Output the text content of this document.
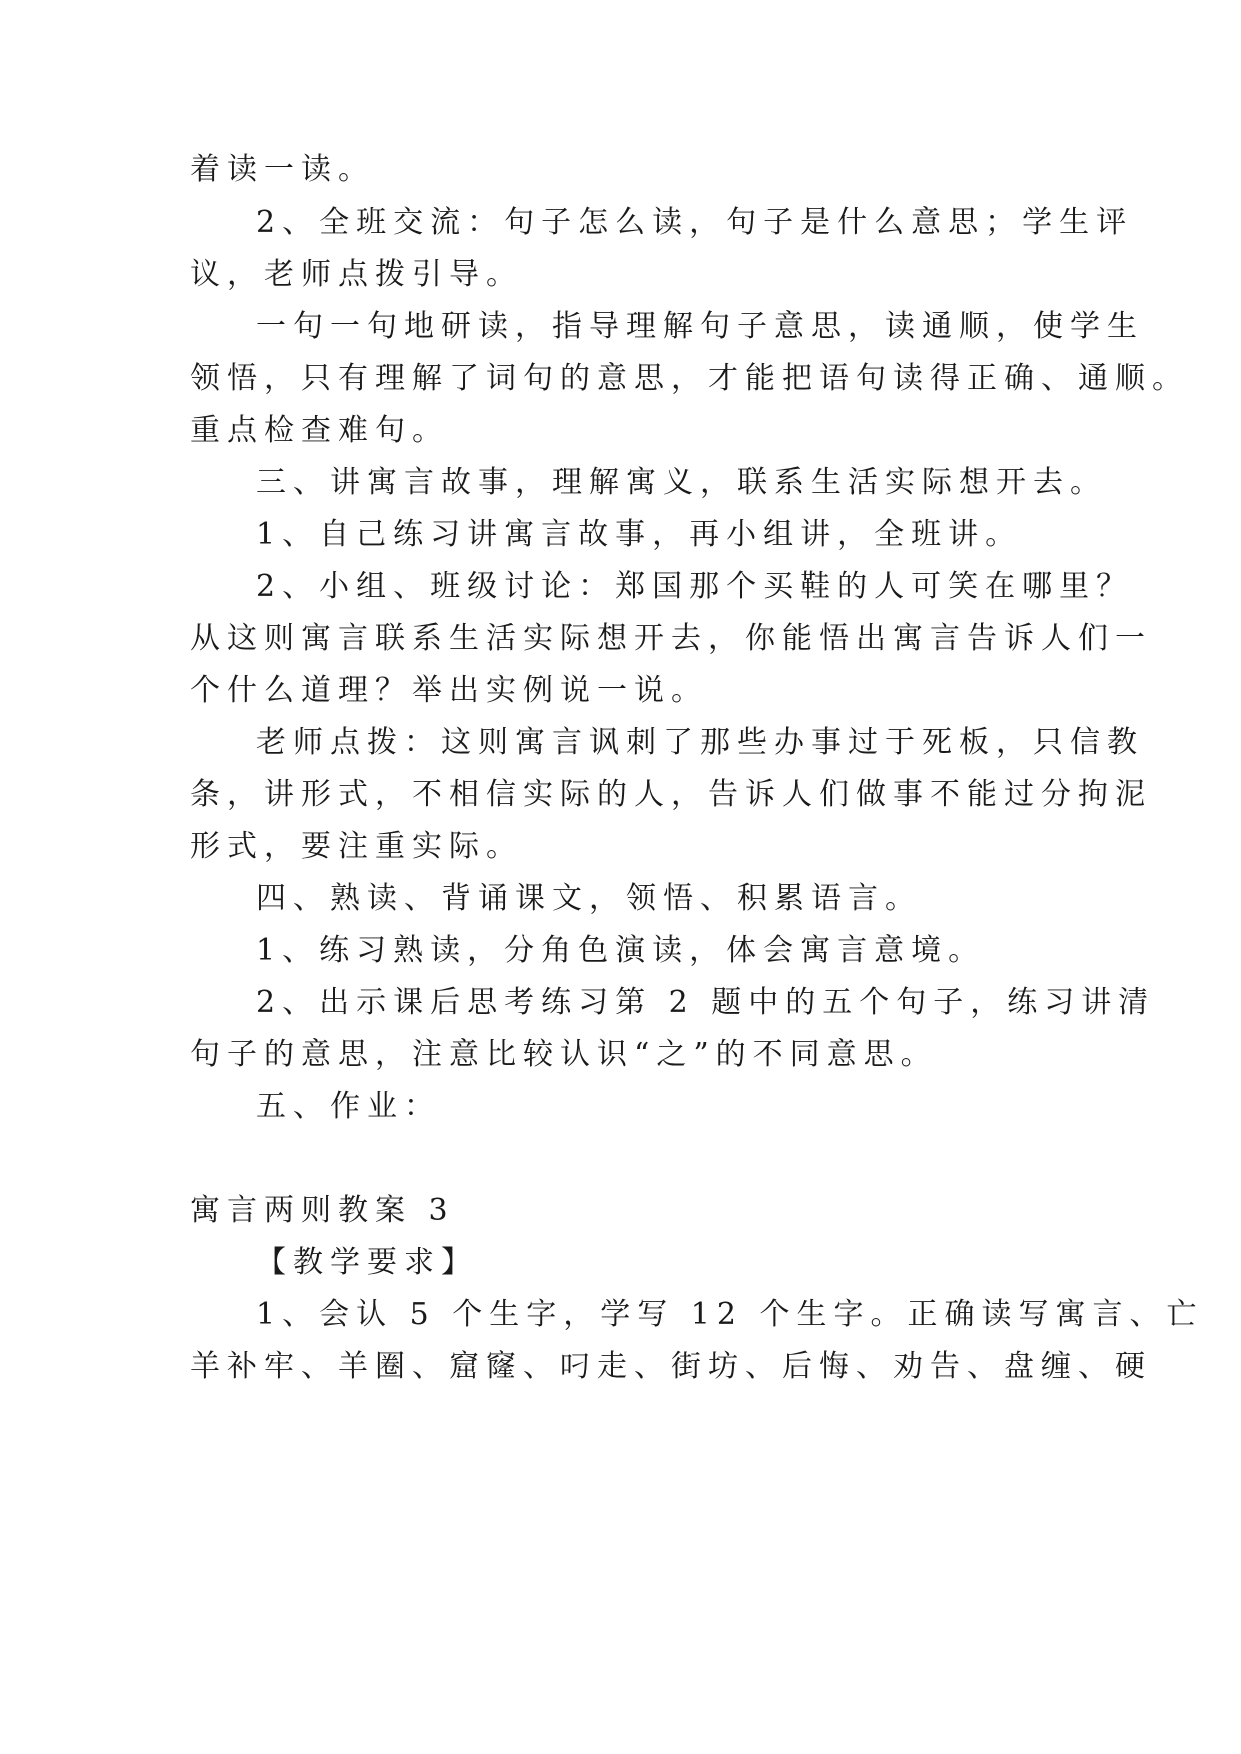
着读一读。
2、全班交流：句子怎么读，句子是什么意思；学生评
议，老师点拨引导。
一句一句地研读，指导理解句子意思，读通顺，使学生
领悟，只有理解了词句的意思，才能把语句读得正确、通顺。
重点检查难句。
三、讲寓言故事，理解寓义，联系生活实际想开去。
1、自己练习讲寓言故事，再小组讲，全班讲。
2、小组、班级讨论：郑国那个买鞋的人可笑在哪里？
从这则寓言联系生活实际想开去，你能悟出寓言告诉人们一
个什么道理？举出实例说一说。
老师点拨：这则寓言讽刺了那些办事过于死板，只信教
条，讲形式，不相信实际的人，告诉人们做事不能过分拘泥
形式，要注重实际。
四、熟读、背诵课文，领悟、积累语言。
1、练习熟读，分角色演读，体会寓言意境。
2、出示课后思考练习第 2 题中的五个句子，练习讲清
句子的意思，注意比较认识“之”的不同意思。
五、作业：
寓言两则教案 3
【教学要求】
1、会认 5 个生字，学写 12 个生字。正确读写寓言、亡
羊补牢、羊圈、窟窿、叼走、街坊、后悔、劝告、盘缠、硬
